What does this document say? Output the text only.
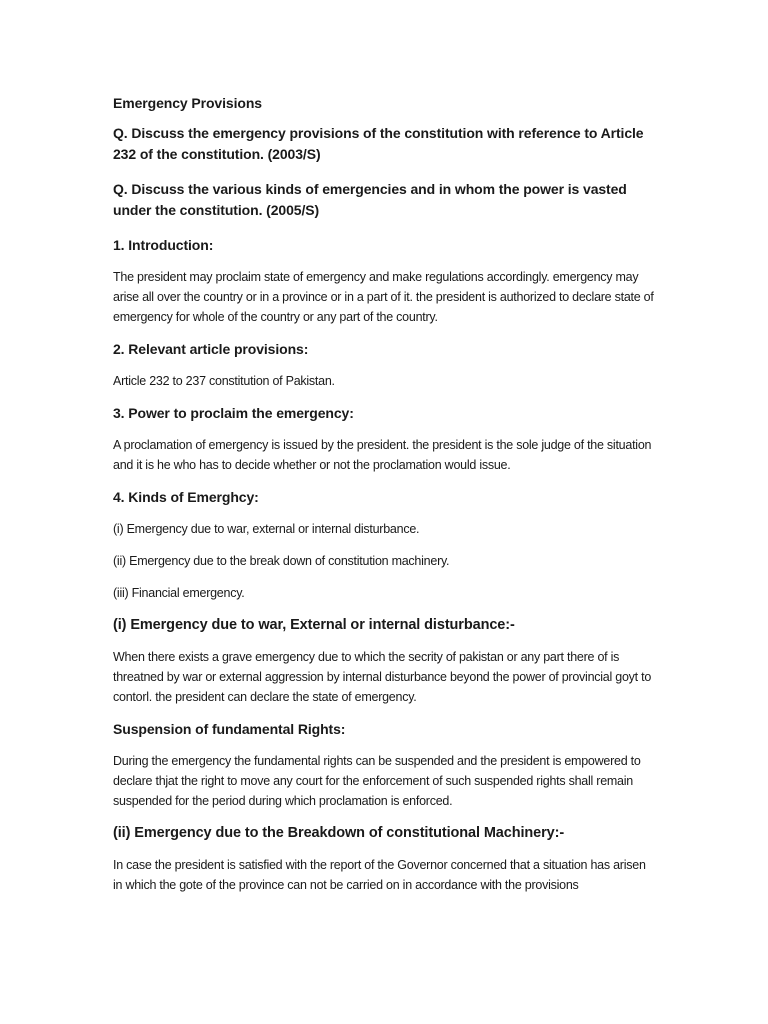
Emergency Provisions
Q. Discuss the emergency provisions of the constitution with reference to Article 232 of the constitution. (2003/S)
Q. Discuss the various kinds of emergencies and in whom the power is vasted under the constitution. (2005/S)
1. Introduction:
The president may proclaim state of emergency and make regulations accordingly. emergency may arise all over the country or in a province or in a part of it. the president is authorized to declare state of emergency for whole of the country or any part of the country.
2. Relevant article provisions:
Article 232 to 237 constitution of Pakistan.
3. Power to proclaim the emergency:
A proclamation of emergency is issued by the president. the president is the sole judge of the situation and it is he who has to decide whether or not the proclamation would issue.
4. Kinds of Emerghcy:
(i) Emergency due to war, external or internal disturbance.
(ii) Emergency due to the break down of constitution machinery.
(iii) Financial emergency.
(i) Emergency due to war, External or internal disturbance:-
When there exists a grave emergency due to which the secrity of pakistan or any part there of is threatned by war or external aggression by internal disturbance beyond the power of provincial goyt to contorl. the president can declare the state of emergency.
Suspension of fundamental Rights:
During the emergency the fundamental rights can be suspended and the president is empowered to declare thjat the right to move any court for the enforcement of such suspended rights shall remain suspended for the period during which proclamation is enforced.
(ii) Emergency due to the Breakdown of constitutional Machinery:-
In case the president is satisfied with the report of the Governor concerned that a situation has arisen in which the gote of the province can not be carried on in accordance with the provisions
